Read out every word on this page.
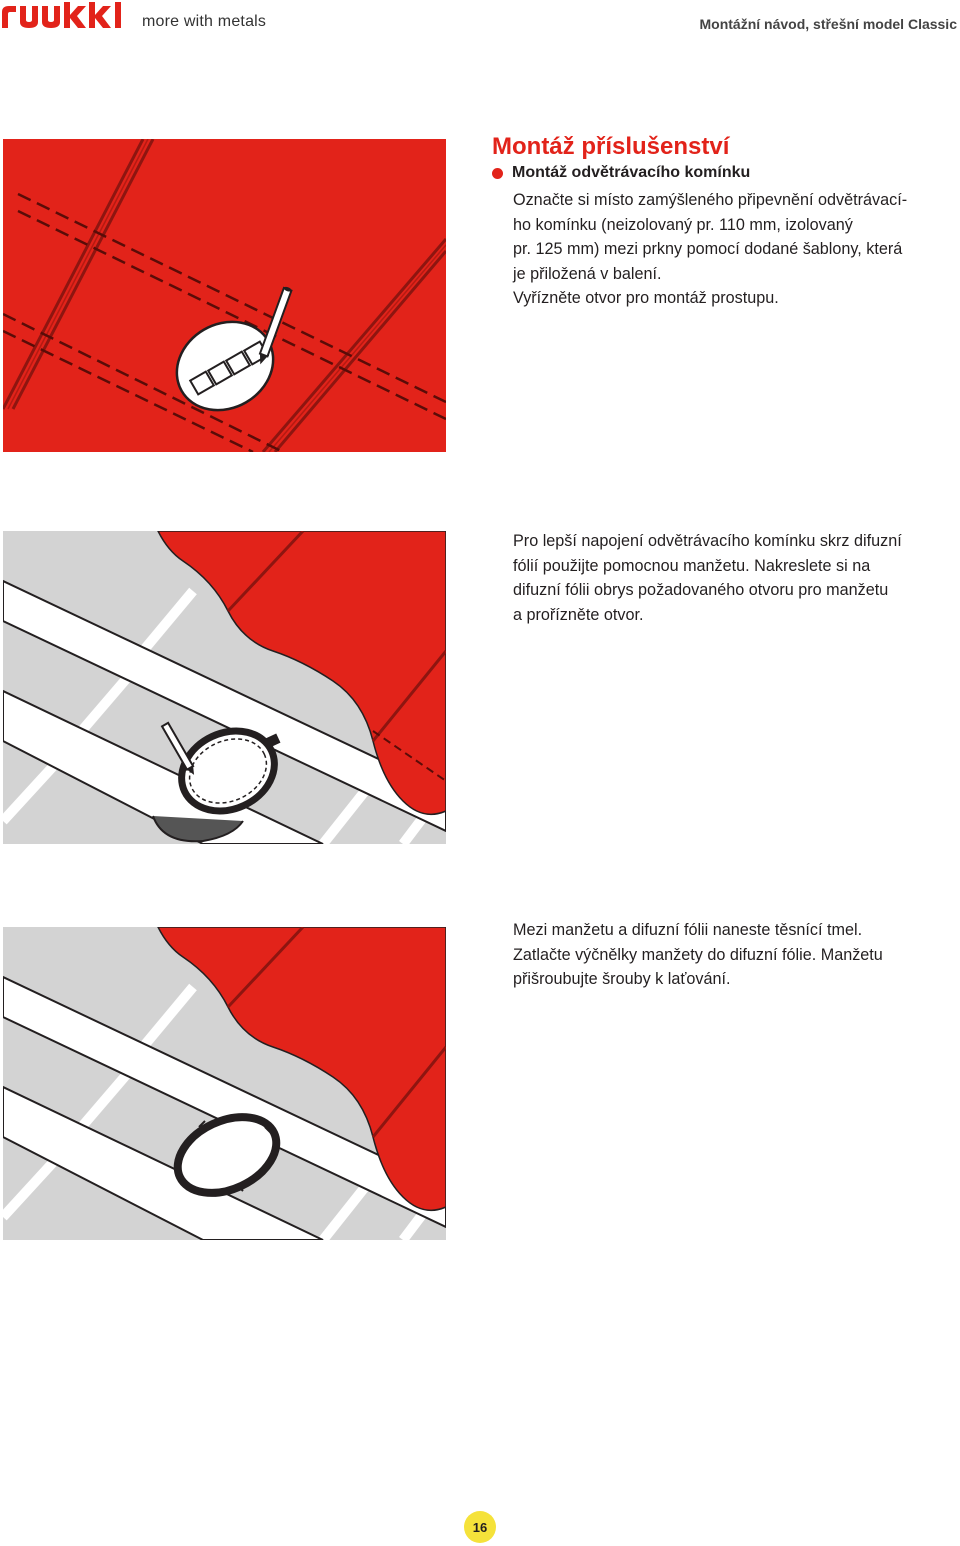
more with metals	Montážní návod, střešní model Classic
Montáž příslušenství
Montáž odvětrávacího komínku
Označte si místo zamýšleného připevnění odvětrávací-
ho komínku (neizolovaný pr. 110 mm, izolovaný
pr. 125 mm) mezi prkny pomocí dodané šablony, která
je přiložená v balení.
Vyřízněte otvor pro montáž prostupu.
Pro lepší napojení odvětrávacího komínku skrz difuzní
fólií použijte pomocnou manžetu. Nakreslete si na
difuzní fólii obrys požadovaného otvoru pro manžetu
a prořízněte otvor.
Mezi manžetu a difuzní fólii naneste těsnící tmel.
Zatlačte výčnělky manžety do difuzní fólie. Manžetu
přišroubujte šrouby k laťování.
16
